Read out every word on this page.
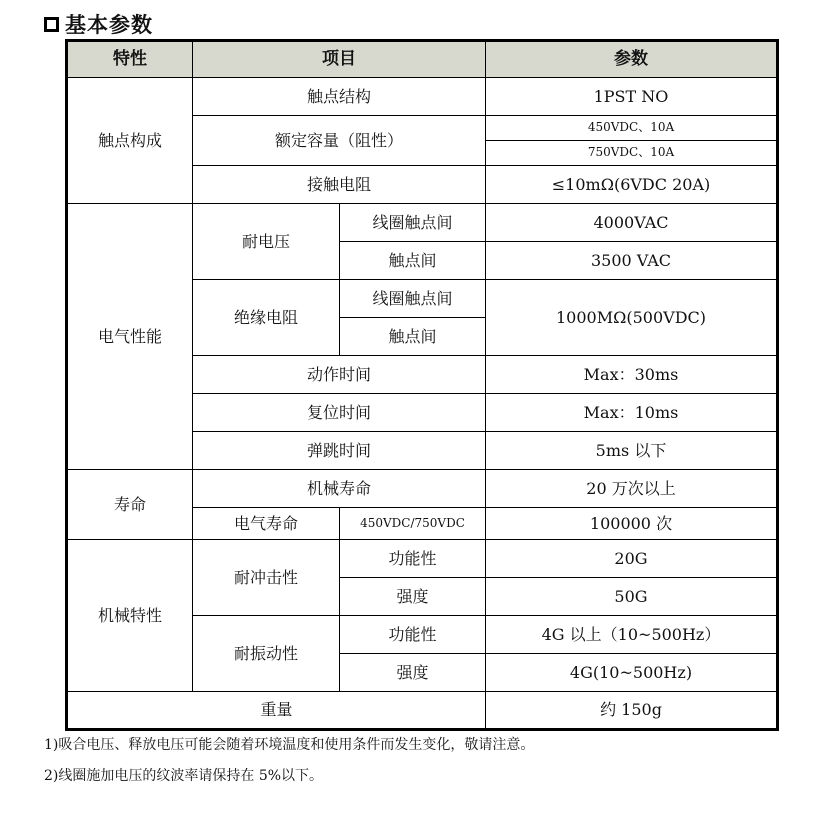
基本参数
特性	项目		参数
触点构成	触点结构		1PST NO
	额定容量（阻性）		450VDC、10A
			750VDC、10A
	接触电阻		≤10mΩ(6VDC 20A)
电气性能	耐电压	线圈触点间	4000VAC
		触点间	3500 VAC
	绝缘电阻	线圈触点间	1000MΩ(500VDC)
		触点间	
	动作时间		Max：30ms
	复位时间		Max：10ms
	弹跳时间		5ms 以下
寿命	机械寿命		20 万次以上
	电气寿命	450VDC/750VDC	100000 次
机械特性	耐冲击性	功能性	20G
		强度	50G
	耐振动性	功能性	4G 以上（10~500Hz）
		强度	4G(10~500Hz)
重量			约 150g
1)吸合电压、释放电压可能会随着环境温度和使用条件而发生变化，敬请注意。
2)线圈施加电压的纹波率请保持在 5%以下。
